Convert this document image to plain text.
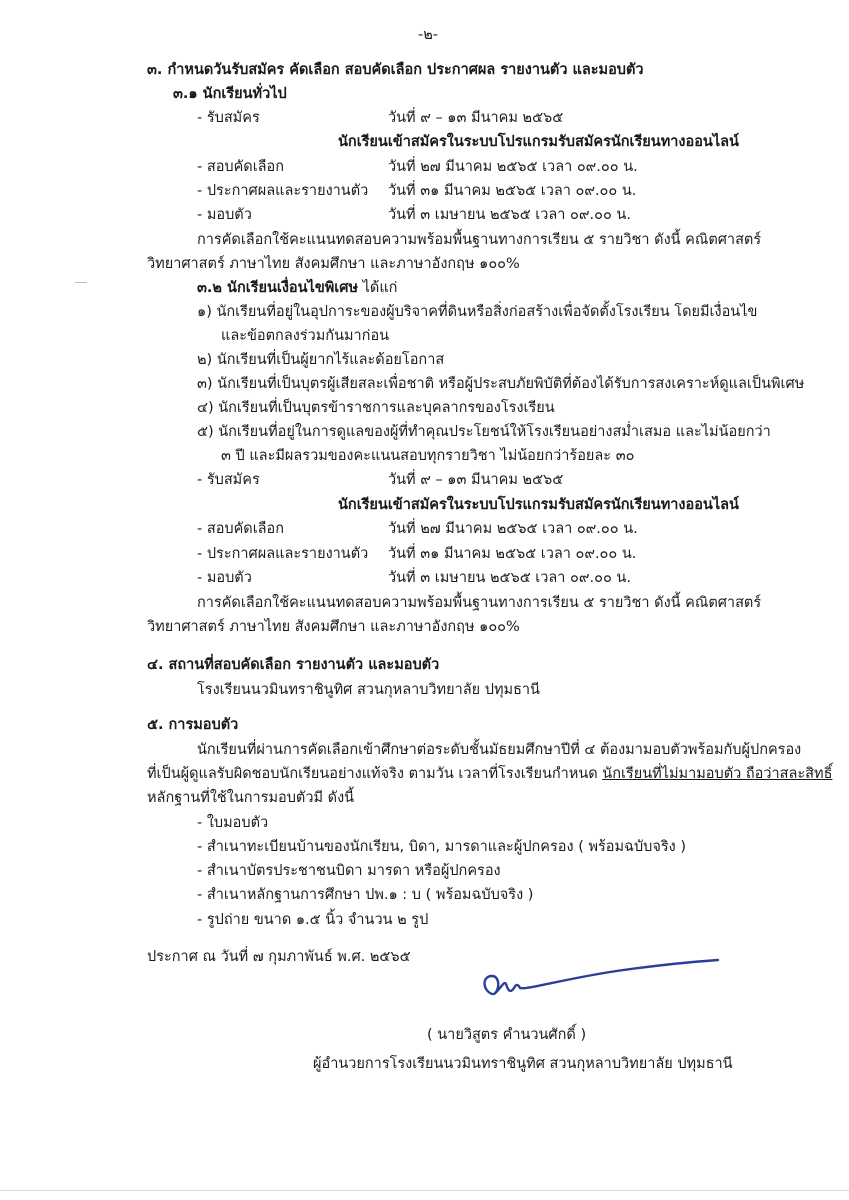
-๒-
๓. กำหนดวันรับสมัคร คัดเลือก สอบคัดเลือก ประกาศผล รายงานตัว และมอบตัว
๓.๑ นักเรียนทั่วไป
- รับสมัคร	วันที่ ๙ – ๑๓ มีนาคม ๒๕๖๕
นักเรียนเข้าสมัครในระบบโปรแกรมรับสมัครนักเรียนทางออนไลน์
- สอบคัดเลือก	วันที่ ๒๗ มีนาคม ๒๕๖๕ เวลา ๐๙.๐๐ น.
- ประกาศผลและรายงานตัว วันที่ ๓๑ มีนาคม ๒๕๖๕ เวลา ๐๙.๐๐ น.
- มอบตัว	วันที่ ๓ เมษายน ๒๕๖๕ เวลา ๐๙.๐๐ น.
การคัดเลือกใช้คะแนนทดสอบความพร้อมพื้นฐานทางการเรียน ๕ รายวิชา ดังนี้ คณิตศาสตร์
วิทยาศาสตร์ ภาษาไทย สังคมศึกษา และภาษาอังกฤษ ๑๐๐%
๓.๒ นักเรียนเงื่อนไขพิเศษ ได้แก่
๑) นักเรียนที่อยู่ในอุปการะของผู้บริจาคที่ดินหรือสิ่งก่อสร้างเพื่อจัดตั้งโรงเรียน โดยมีเงื่อนไข
และข้อตกลงร่วมกันมาก่อน
๒) นักเรียนที่เป็นผู้ยากไร้และด้อยโอกาส
๓) นักเรียนที่เป็นบุตรผู้เสียสละเพื่อชาติ หรือผู้ประสบภัยพิบัติที่ต้องได้รับการสงเคราะห์ดูแลเป็นพิเศษ
๔) นักเรียนที่เป็นบุตรข้าราชการและบุคลากรของโรงเรียน
๕) นักเรียนที่อยู่ในการดูแลของผู้ที่ทำคุณประโยชน์ให้โรงเรียนอย่างสม่ำเสมอ และไม่น้อยกว่า
๓ ปี และมีผลรวมของคะแนนสอบทุกรายวิชา ไม่น้อยกว่าร้อยละ ๓๐
- รับสมัคร	วันที่ ๙ – ๑๓ มีนาคม ๒๕๖๕
นักเรียนเข้าสมัครในระบบโปรแกรมรับสมัครนักเรียนทางออนไลน์
- สอบคัดเลือก	วันที่ ๒๗ มีนาคม ๒๕๖๕ เวลา ๐๙.๐๐ น.
- ประกาศผลและรายงานตัว วันที่ ๓๑ มีนาคม ๒๕๖๕ เวลา ๐๙.๐๐ น.
- มอบตัว	วันที่ ๓ เมษายน ๒๕๖๕ เวลา ๐๙.๐๐ น.
การคัดเลือกใช้คะแนนทดสอบความพร้อมพื้นฐานทางการเรียน ๕ รายวิชา ดังนี้ คณิตศาสตร์
วิทยาศาสตร์ ภาษาไทย สังคมศึกษา และภาษาอังกฤษ ๑๐๐%
๔. สถานที่สอบคัดเลือก รายงานตัว และมอบตัว
โรงเรียนนวมินทราชินูทิศ สวนกุหลาบวิทยาลัย ปทุมธานี
๕. การมอบตัว
นักเรียนที่ผ่านการคัดเลือกเข้าศึกษาต่อระดับชั้นมัธยมศึกษาปีที่ ๔ ต้องมามอบตัวพร้อมกับผู้ปกครอง
ที่เป็นผู้ดูแลรับผิดชอบนักเรียนอย่างแท้จริง ตามวัน เวลาที่โรงเรียนกำหนด นักเรียนที่ไม่มามอบตัว ถือว่าสละสิทธิ์
หลักฐานที่ใช้ในการมอบตัวมี ดังนี้
- ใบมอบตัว
- สำเนาทะเบียนบ้านของนักเรียน, บิดา, มารดาและผู้ปกครอง ( พร้อมฉบับจริง )
- สำเนาบัตรประชาชนบิดา มารดา หรือผู้ปกครอง
- สำเนาหลักฐานการศึกษา ปพ.๑ : บ ( พร้อมฉบับจริง )
- รูปถ่าย ขนาด ๑.๕ นิ้ว จำนวน ๒ รูป
ประกาศ ณ วันที่ ๗ กุมภาพันธ์ พ.ศ. ๒๕๖๕
( นายวิสูตร คำนวนศักดิ์ )
ผู้อำนวยการโรงเรียนนวมินทราชินูทิศ สวนกุหลาบวิทยาลัย ปทุมธานี
